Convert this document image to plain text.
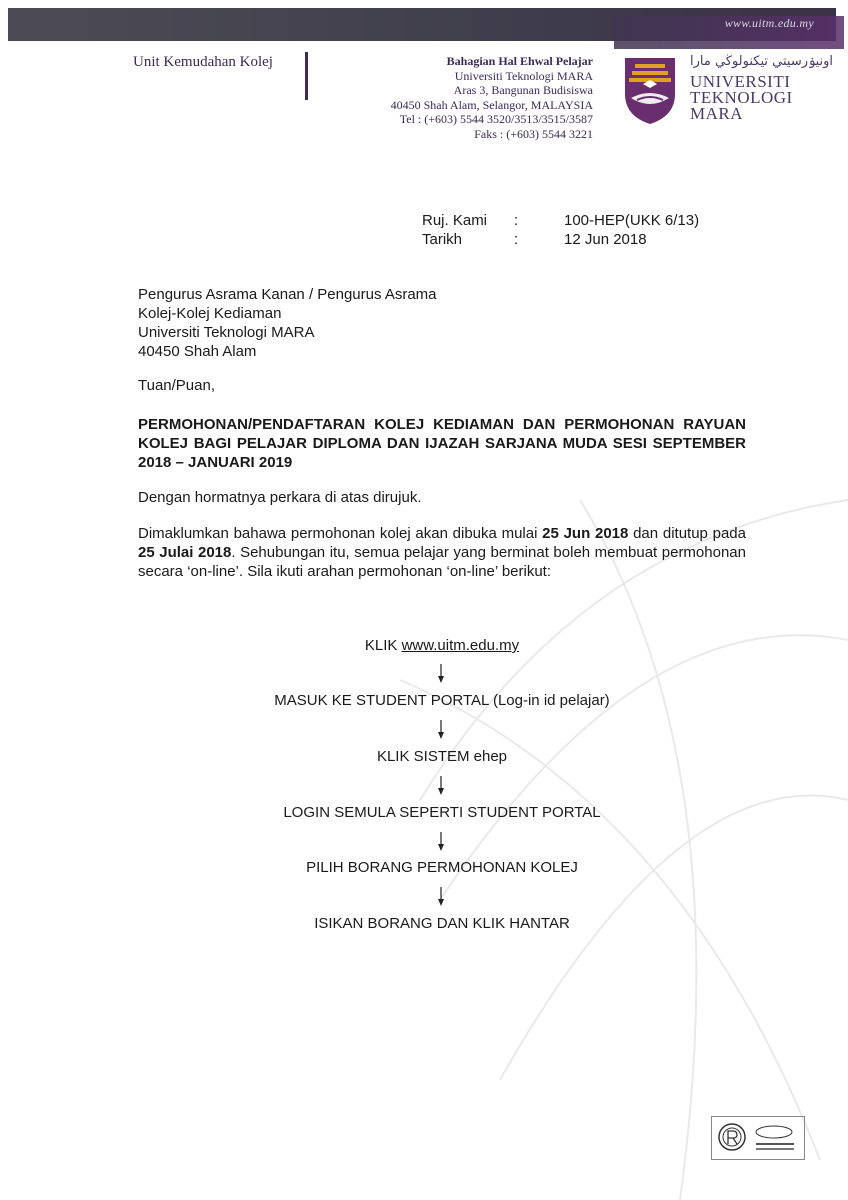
www.uitm.edu.my
Unit Kemudahan Kolej	Bahagian Hal Ehwal Pelajar
Universiti Teknologi MARA
Aras 3, Bangunan Budisiswa
40450 Shah Alam, Selangor, MALAYSIA
Tel : (+603) 5544 3520/3513/3515/3587
Faks : (+603) 5544 3221
اونيۏرسيتي تيكنولوڬي مارا
UNIVERSITI
TEKNOLOGI
MARA
Ruj. Kami	:	100-HEP(UKK 6/13)
Tarikh	:	12 Jun 2018
Pengurus Asrama Kanan / Pengurus Asrama
Kolej-Kolej Kediaman
Universiti Teknologi MARA
40450 Shah Alam
Tuan/Puan,
PERMOHONAN/PENDAFTARAN KOLEJ KEDIAMAN DAN PERMOHONAN RAYUAN KOLEJ BAGI PELAJAR DIPLOMA DAN IJAZAH SARJANA MUDA SESI SEPTEMBER 2018 – JANUARI 2019
Dengan hormatnya perkara di atas dirujuk.
Dimaklumkan bahawa permohonan kolej akan dibuka mulai 25 Jun 2018 dan ditutup pada 25 Julai 2018. Sehubungan itu, semua pelajar yang berminat boleh membuat permohonan secara ‘on-line’. Sila ikuti arahan permohonan ‘on-line’ berikut:
KLIK www.uitm.edu.my
MASUK KE STUDENT PORTAL (Log-in id pelajar)
KLIK SISTEM ehep
LOGIN SEMULA SEPERTI STUDENT PORTAL
PILIH BORANG PERMOHONAN KOLEJ
ISIKAN BORANG DAN KLIK HANTAR
